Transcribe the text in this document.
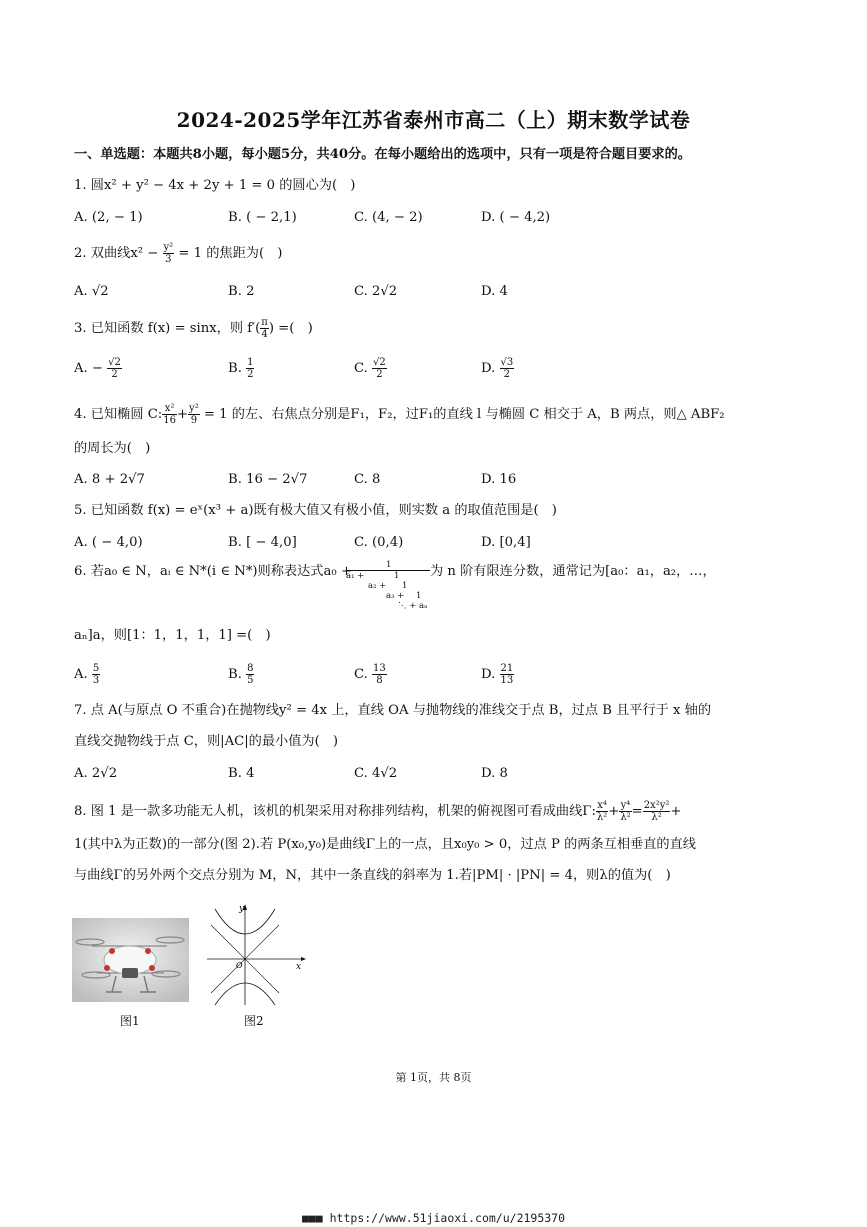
2024-2025学年江苏省泰州市高二（上）期末数学试卷
一、单选题：本题共8小题，每小题5分，共40分。在每小题给出的选项中，只有一项是符合题目要求的。
1. 圆x² + y² − 4x + 2y + 1 = 0 的圆心为(　)
A. (2, − 1)	B. ( − 2,1)	C. (4, − 2)	D. ( − 4,2)
2. 双曲线$x^2 - \frac{\text{y²}}{3} = 1$ 的焦距为(　)
A. √2	B. 2	C. 2√2	D. 4
3. 已知函数 f(x) = sinx，则 $f'( \frac{\pi}{4}$ ) =(　)
A. − $\frac{√2}{2}$	B. $\frac{1}{2}$	C. $\frac{√2}{2}$	D. $\frac{√3}{2}$
4. 已知椭圆 C: $\frac{\text{x²}}{16} + \frac{\text{y²}}{9} = 1$ 的左、右焦点分别是F₁，F₂，过F₁的直线 l 与椭圆 C 相交于 A，B 两点，则△ ABF₂
的周长为(　)
A. 8 + 2√7	B. 16 − 2√7	C. 8	D. 16
5. 已知函数 f(x) = eˣ(x³ + a)既有极大值又有极小值，则实数 a 的取值范围是(　)
A. ( − 4,0)	B. [ − 4,0]	C. (0,4)	D. [0,4]
6. 若a₀ ∈ N，aᵢ ∈ N*(i ∈ N*)则称表达式a₀ +	1
a₁ +	1
a₂ +	1
a₃ +	1
⋱ + aₙ
为 n 阶有限连分数，通常记为[a₀：a₁，a₂，…，
aₙ]a，则[1：1，1，1，1] =(　)
A. $\frac{5}{3}$	B. $\frac{8}{5}$	C. $\frac{13}{8}$	D. $\frac{21}{13}$
7. 点 A(与原点 O 不重合)在抛物线y² = 4x 上，直线 OA 与抛物线的准线交于点 B，过点 B 且平行于 x 轴的
直线交抛物线于点 C，则|AC|的最小值为(　)
A. 2√2	B. 4	C. 4√2	D. 8
8. 图 1 是一款多功能无人机，该机的机架采用对称排列结构，机架的俯视图可看成曲线Γ: $\frac{\text{x⁴}}{\text{λ²}} + \frac{\text{y⁴}}{\text{λ²}} = \frac{\text{2x²y²}}{\text{λ²}}$ +
1(其中λ为正数)的一部分(图 2).若 P(x₀,y₀)是曲线Γ上的一点，且x₀y₀ > 0，过点 P 的两条互相垂直的直线
与曲线Γ的另外两个交点分别为 M，N，其中一条直线的斜率为 1.若|PM| · |PN| = 4，则λ的值为(　)
图1
x
y
O
图2
第 1页，共 8页
■■■ https://www.51jiaoxi.com/u/2195370
